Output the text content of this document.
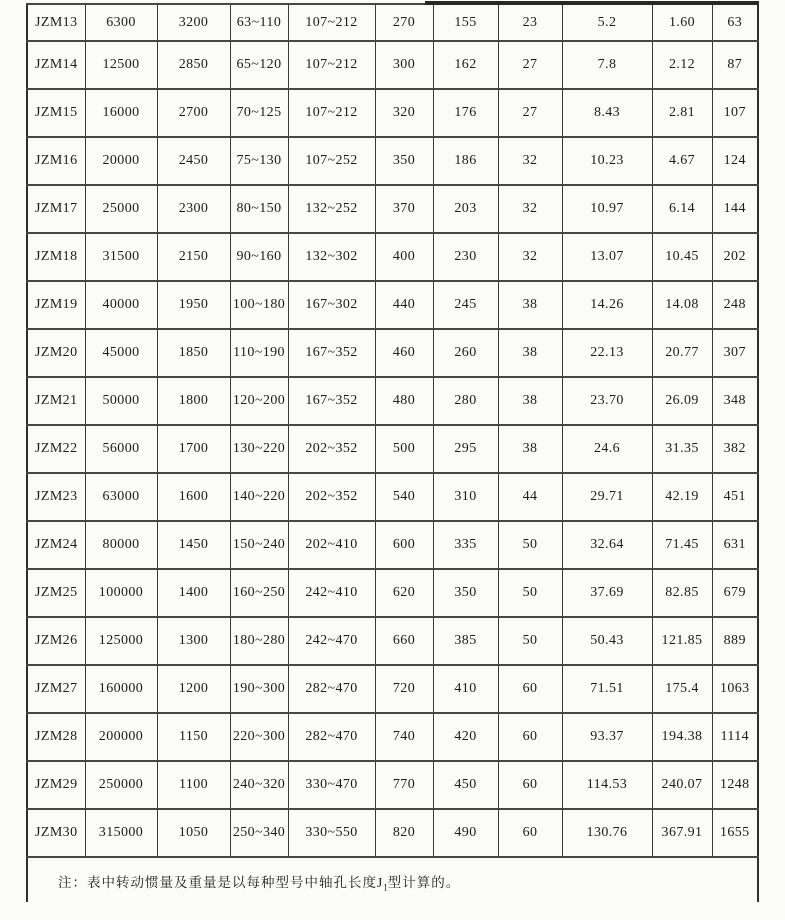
JZM13	6300	3200	63~110	107~212	270	155	23	5.2	1.60	63
JZM14	12500	2850	65~120	107~212	300	162	27	7.8	2.12	87
JZM15	16000	2700	70~125	107~212	320	176	27	8.43	2.81	107
JZM16	20000	2450	75~130	107~252	350	186	32	10.23	4.67	124
JZM17	25000	2300	80~150	132~252	370	203	32	10.97	6.14	144
JZM18	31500	2150	90~160	132~302	400	230	32	13.07	10.45	202
JZM19	40000	1950	100~180	167~302	440	245	38	14.26	14.08	248
JZM20	45000	1850	110~190	167~352	460	260	38	22.13	20.77	307
JZM21	50000	1800	120~200	167~352	480	280	38	23.70	26.09	348
JZM22	56000	1700	130~220	202~352	500	295	38	24.6	31.35	382
JZM23	63000	1600	140~220	202~352	540	310	44	29.71	42.19	451
JZM24	80000	1450	150~240	202~410	600	335	50	32.64	71.45	631
JZM25	100000	1400	160~250	242~410	620	350	50	37.69	82.85	679
JZM26	125000	1300	180~280	242~470	660	385	50	50.43	121.85	889
JZM27	160000	1200	190~300	282~470	720	410	60	71.51	175.4	1063
JZM28	200000	1150	220~300	282~470	740	420	60	93.37	194.38	1114
JZM29	250000	1100	240~320	330~470	770	450	60	114.53	240.07	1248
JZM30	315000	1050	250~340	330~550	820	490	60	130.76	367.91	1655

注：表中转动惯量及重量是以每种型号中轴孔长度$J_1$型计算的。
